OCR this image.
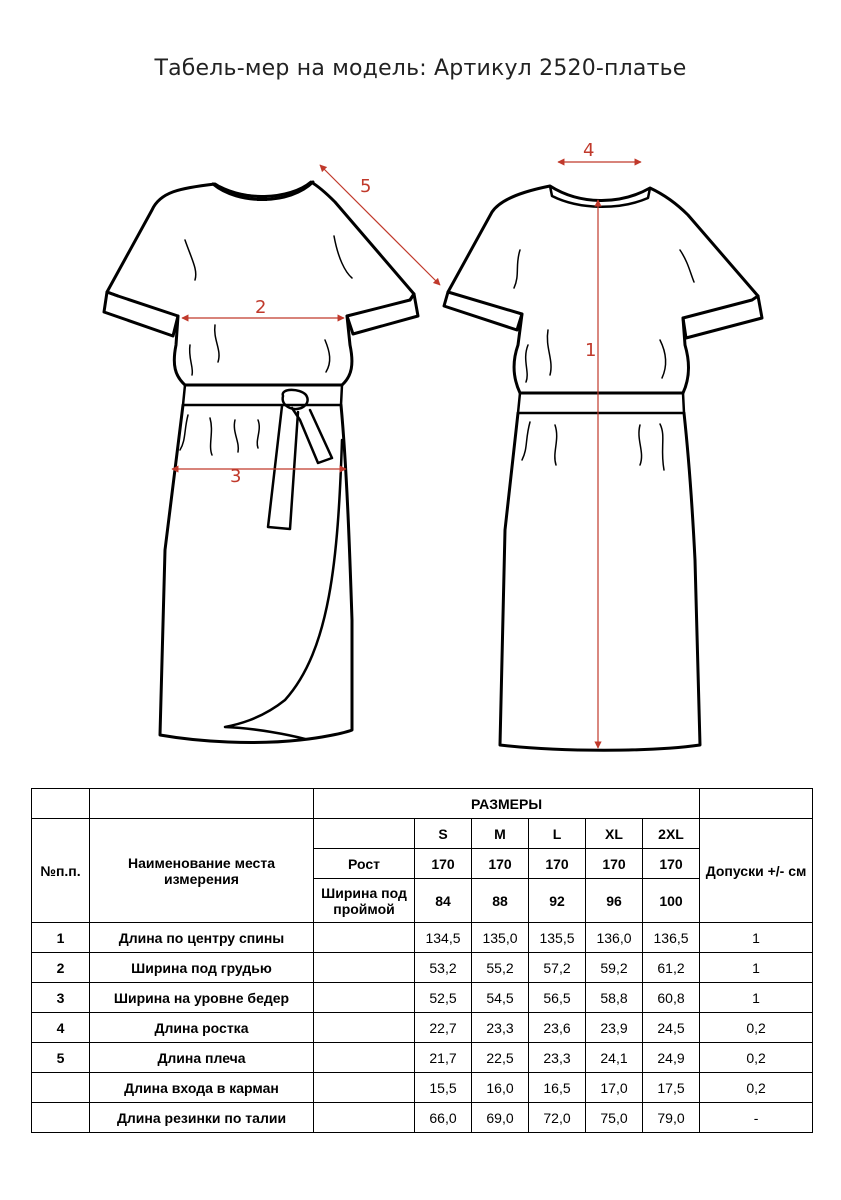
Табель-мер на модель: Артикул 2520-платье
2
3
4
5
1
		РАЗМЕРЫ						
№п.п.	Наименование места измерения		S	M	L	XL	2XL	Допуски +/- см
		Рост	170	170	170	170	170	
		Ширина под проймой	84	88	92	96	100	
1	Длина по центру спины		134,5	135,0	135,5	136,0	136,5	1
2	Ширина под грудью		53,2	55,2	57,2	59,2	61,2	1
3	Ширина на уровне бедер		52,5	54,5	56,5	58,8	60,8	1
4	Длина ростка		22,7	23,3	23,6	23,9	24,5	0,2
5	Длина плеча		21,7	22,5	23,3	24,1	24,9	0,2
	Длина входа в карман		15,5	16,0	16,5	17,0	17,5	0,2
	Длина резинки по талии		66,0	69,0	72,0	75,0	79,0	-
